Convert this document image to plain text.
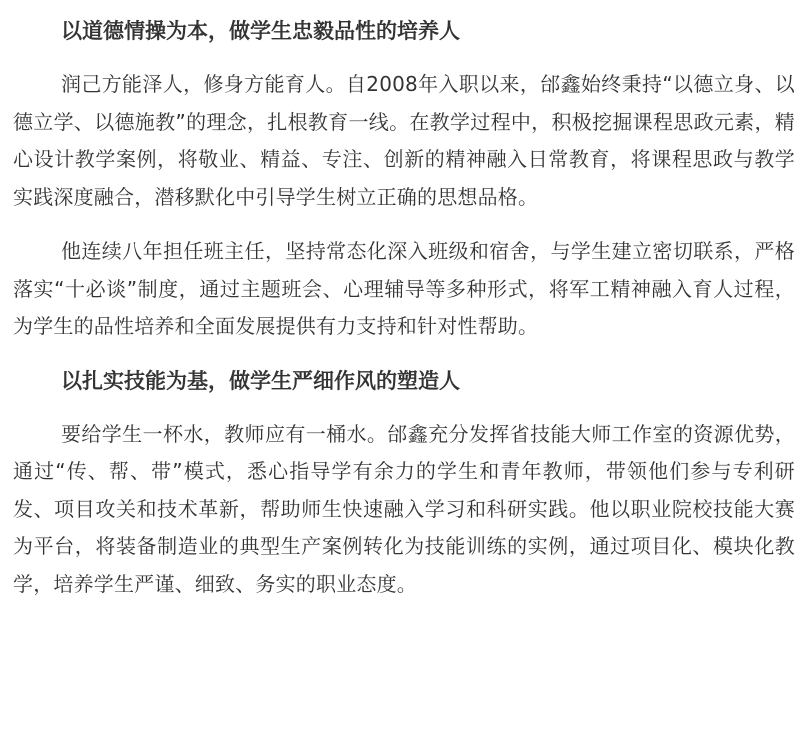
以道德情操为本，做学生忠毅品性的培养人

润己方能泽人，修身方能育人。自2008年入职以来，邰鑫始终秉持“以德立身、以德立学、以德施教”的理念，扎根教育一线。在教学过程中，积极挖掘课程思政元素，精心设计教学案例，将敬业、精益、专注、创新的精神融入日常教育，将课程思政与教学实践深度融合，潜移默化中引导学生树立正确的思想品格。

他连续八年担任班主任，坚持常态化深入班级和宿舍，与学生建立密切联系，严格落实“十必谈”制度，通过主题班会、心理辅导等多种形式，将军工精神融入育人过程，为学生的品性培养和全面发展提供有力支持和针对性帮助。

以扎实技能为基，做学生严细作风的塑造人

要给学生一杯水，教师应有一桶水。邰鑫充分发挥省技能大师工作室的资源优势，通过“传、帮、带”模式，悉心指导学有余力的学生和青年教师，带领他们参与专利研发、项目攻关和技术革新，帮助师生快速融入学习和科研实践。他以职业院校技能大赛为平台，将装备制造业的典型生产案例转化为技能训练的实例，通过项目化、模块化教学，培养学生严谨、细致、务实的职业态度。
